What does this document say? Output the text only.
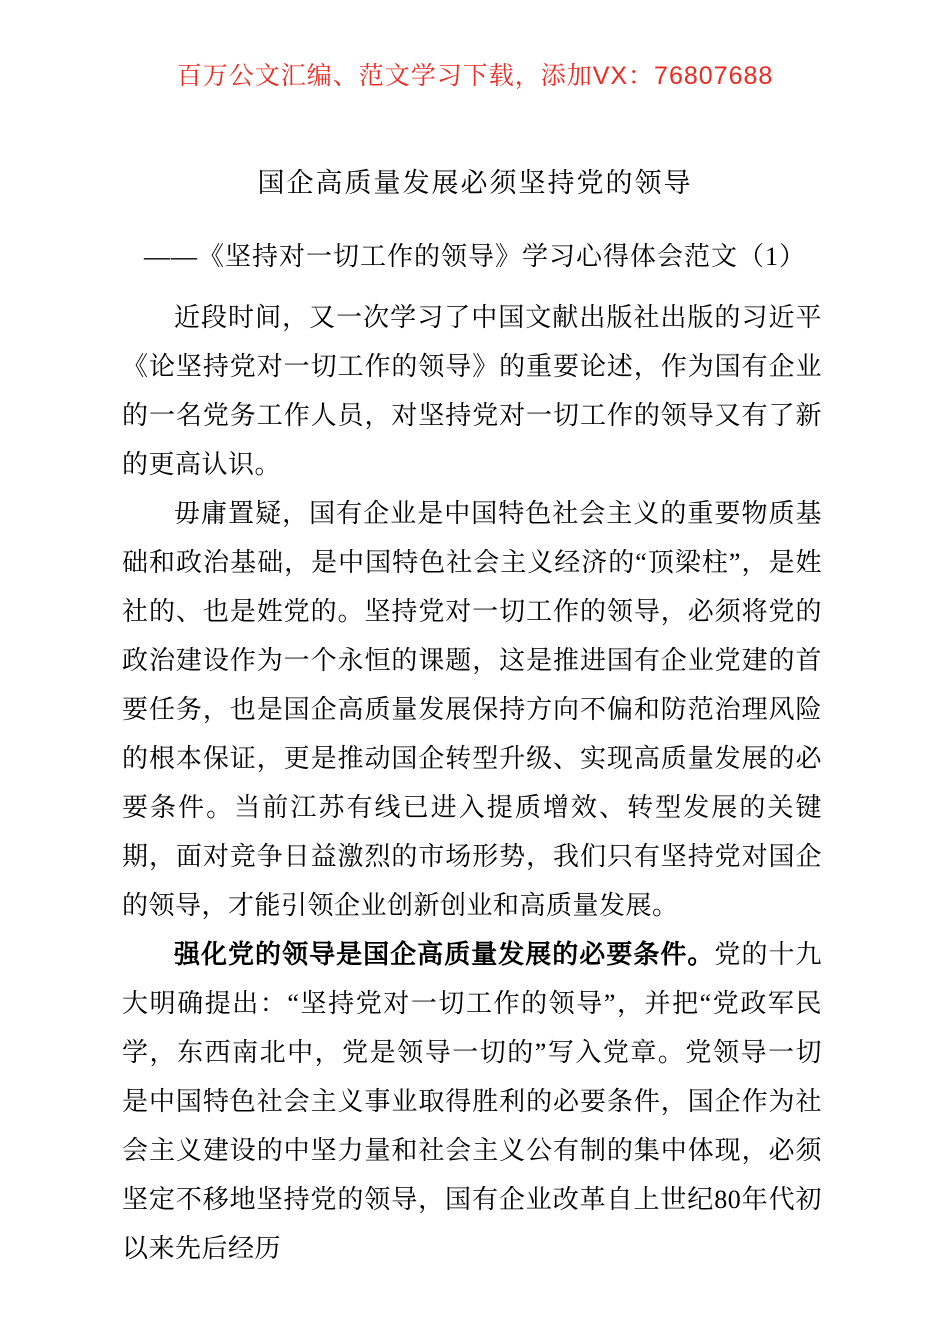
百万公文汇编、范文学习下载，添加VX：76807688
国企高质量发展必须坚持党的领导
——《坚持对一切工作的领导》学习心得体会范文（1）

近段时间，又一次学习了中国文献出版社出版的习近平《论坚持党对一切工作的领导》的重要论述，作为国有企业的一名党务工作人员，对坚持党对一切工作的领导又有了新的更高认识。

毋庸置疑，国有企业是中国特色社会主义的重要物质基础和政治基础，是中国特色社会主义经济的“顶梁柱”，是姓社的、也是姓党的。坚持党对一切工作的领导，必须将党的政治建设作为一个永恒的课题，这是推进国有企业党建的首要任务，也是国企高质量发展保持方向不偏和防范治理风险的根本保证，更是推动国企转型升级、实现高质量发展的必要条件。当前江苏有线已进入提质增效、转型发展的关键期，面对竞争日益激烈的市场形势，我们只有坚持党对国企的领导，才能引领企业创新创业和高质量发展。

强化党的领导是国企高质量发展的必要条件。党的十九大明确提出：“坚持党对一切工作的领导”，并把“党政军民学，东西南北中，党是领导一切的”写入党章。党领导一切是中国特色社会主义事业取得胜利的必要条件，国企作为社会主义建设的中坚力量和社会主义公有制的集中体现，必须坚定不移地坚持党的领导，国有企业改革自上世纪80年代初以来先后经历
